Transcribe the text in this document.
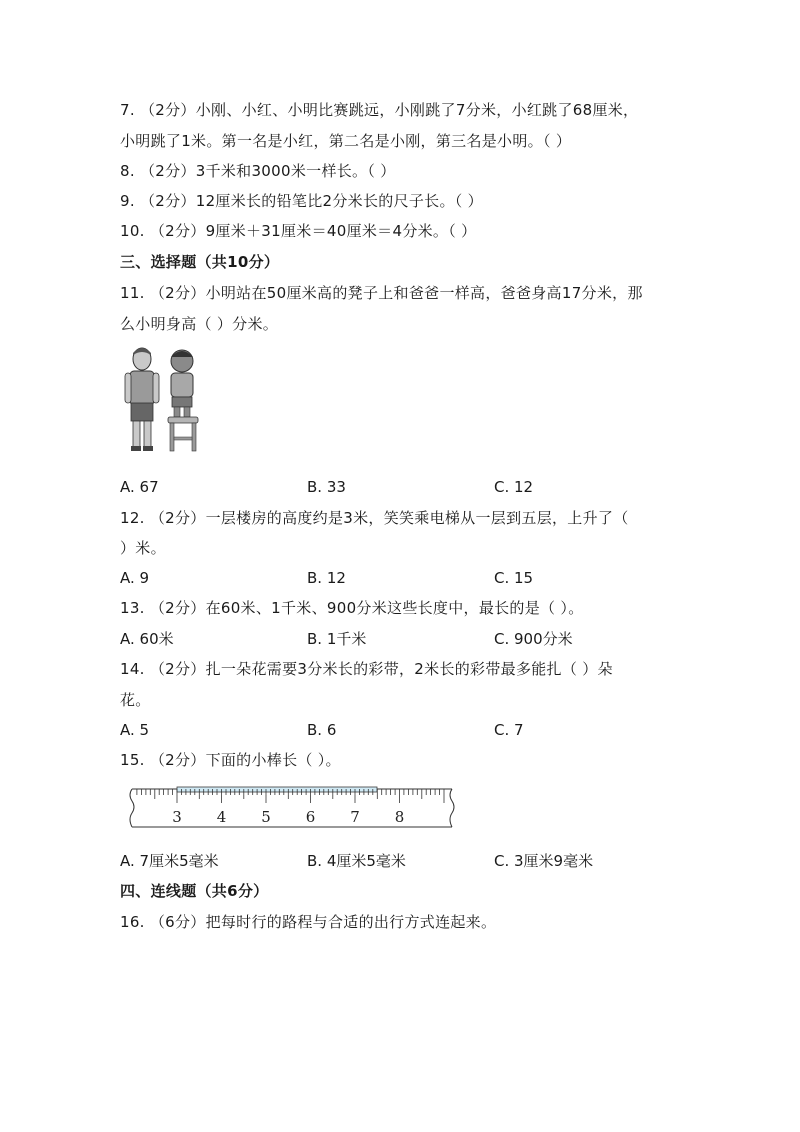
7. （2分）小刚、小红、小明比赛跳远，小刚跳了7分米，小红跳了68厘米，
小明跳了1米。第一名是小红，第二名是小刚，第三名是小明。（ ）
8. （2分）3千米和3000米一样长。（ ）
9. （2分）12厘米长的铅笔比2分米长的尺子长。（ ）
10. （2分）9厘米＋31厘米＝40厘米＝4分米。（ ）
三、选择题（共10分）
11. （2分）小明站在50厘米高的凳子上和爸爸一样高，爸爸身高17分米，那
么小明身高（ ）分米。
A. 67	B. 33	C. 12
12. （2分）一层楼房的高度约是3米，笑笑乘电梯从一层到五层，上升了（
）米。
A. 9	B. 12	C. 15
13. （2分）在60米、1千米、900分米这些长度中，最长的是（ ）。
A. 60米	B. 1千米	C. 900分米
14. （2分）扎一朵花需要3分米长的彩带，2米长的彩带最多能扎（ ）朵
花。
A. 5	B. 6	C. 7
15. （2分）下面的小棒长（ ）。
3 4 5 6 7 8
A. 7厘米5毫米	B. 4厘米5毫米	C. 3厘米9毫米
四、连线题（共6分）
16. （6分）把每时行的路程与合适的出行方式连起来。
